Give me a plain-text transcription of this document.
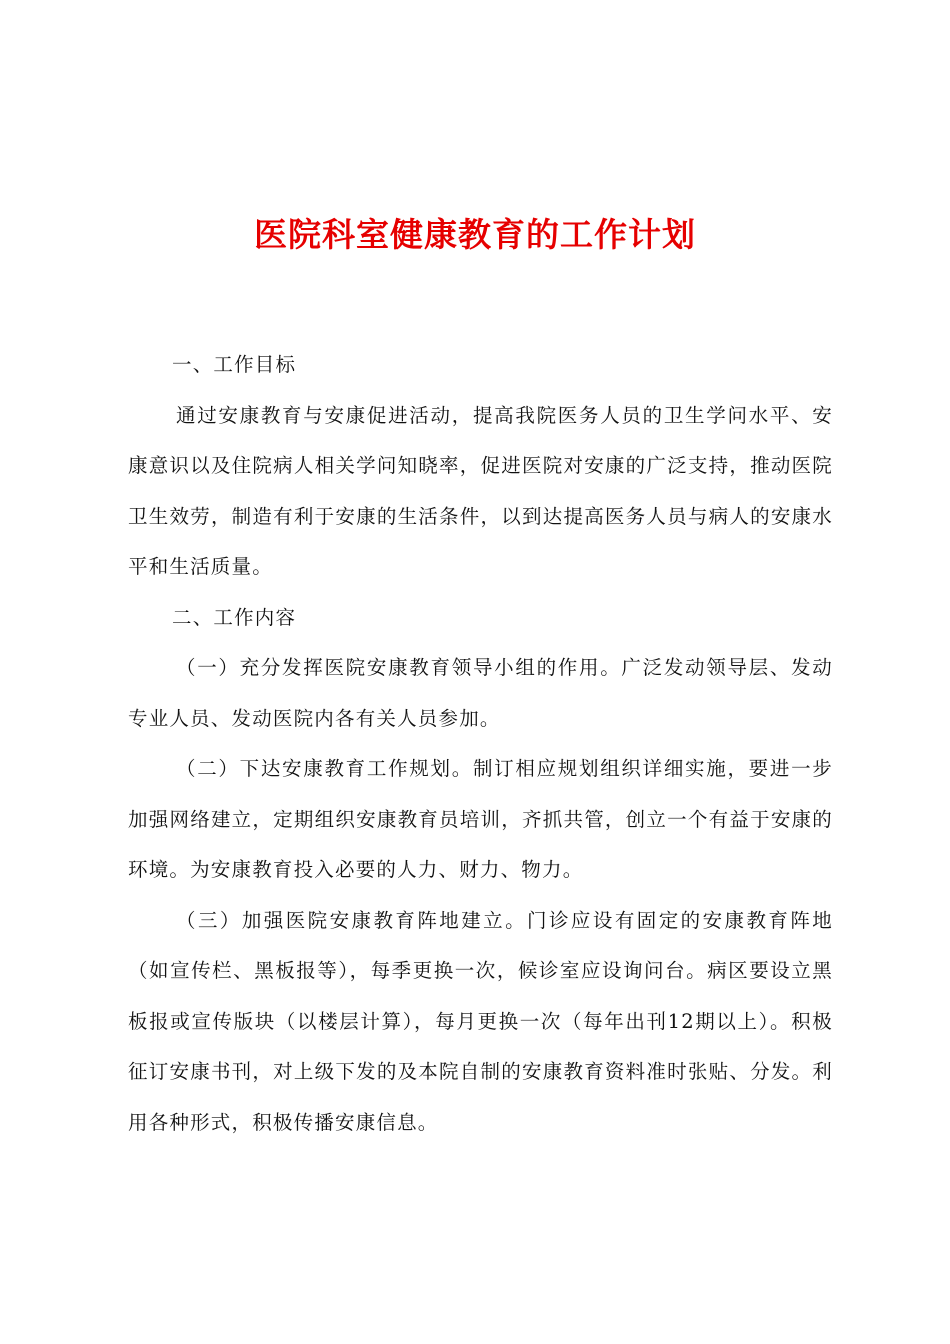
医院科室健康教育的工作计划

一、工作目标

通过安康教育与安康促进活动，提高我院医务人员的卫生学问水平、安康意识以及住院病人相关学问知晓率，促进医院对安康的广泛支持，推动医院卫生效劳，制造有利于安康的生活条件，以到达提高医务人员与病人的安康水平和生活质量。

二、工作内容

（一）充分发挥医院安康教育领导小组的作用。广泛发动领导层、发动专业人员、发动医院内各有关人员参加。

（二）下达安康教育工作规划。制订相应规划组织详细实施，要进一步加强网络建立，定期组织安康教育员培训，齐抓共管，创立一个有益于安康的环境。为安康教育投入必要的人力、财力、物力。

（三）加强医院安康教育阵地建立。门诊应设有固定的安康教育阵地（如宣传栏、黑板报等），每季更换一次，候诊室应设询问台。病区要设立黑板报或宣传版块（以楼层计算），每月更换一次（每年出刊12期以上）。积极征订安康书刊，对上级下发的及本院自制的安康教育资料准时张贴、分发。利用各种形式，积极传播安康信息。
